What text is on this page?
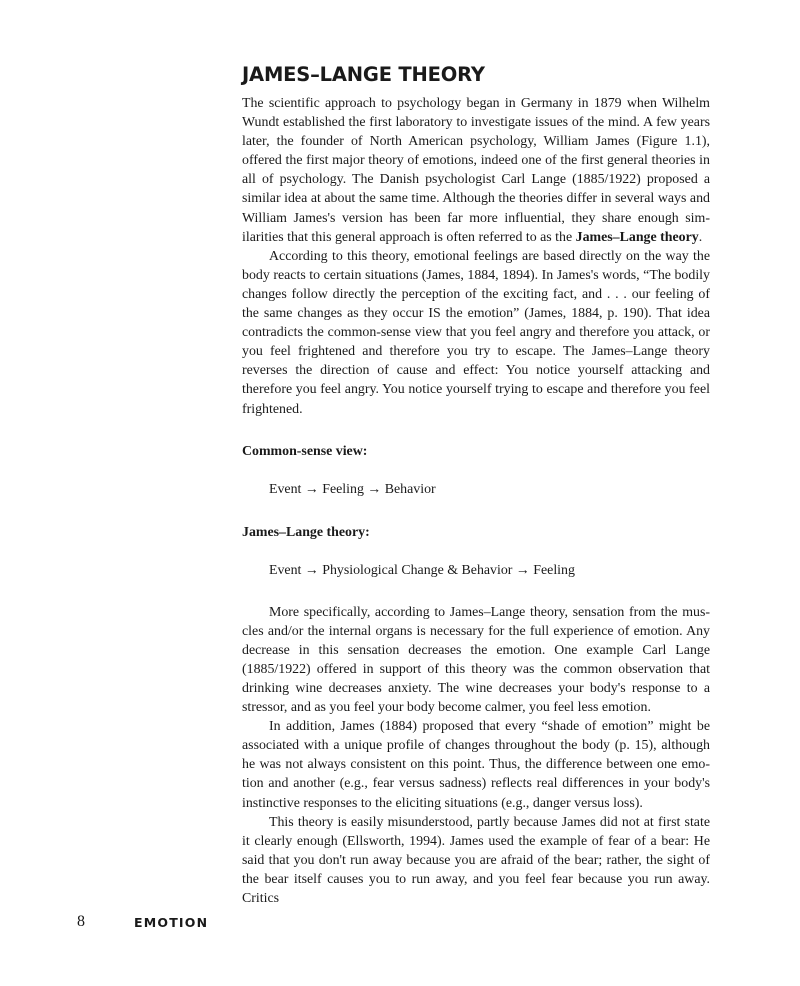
JAMES–LANGE THEORY

The scientific approach to psychology began in Germany in 1879 when Wilhelm Wundt established the first laboratory to investigate issues of the mind. A few years later, the founder of North American psychology, William James (Figure 1.1), offered the first major theory of emotions, indeed one of the first general theories in all of psychology. The Danish psychologist Carl Lange (1885/1922) proposed a similar idea at about the same time. Although the theories differ in several ways and William James's version has been far more influential, they share enough similarities that this general approach is often referred to as the James–Lange theory.

According to this theory, emotional feelings are based directly on the way the body reacts to certain situations (James, 1884, 1894). In James's words, “The bodily changes follow directly the perception of the exciting fact, and . . . our feeling of the same changes as they occur IS the emotion” (James, 1884, p. 190). That idea contradicts the common-sense view that you feel angry and therefore you attack, or you feel frightened and therefore you try to escape. The James–Lange theory reverses the direction of cause and effect: You notice yourself attacking and therefore you feel angry. You notice yourself trying to escape and therefore you feel frightened.

Common-sense view:

Event → Feeling → Behavior

James–Lange theory:

Event → Physiological Change & Behavior → Feeling

More specifically, according to James–Lange theory, sensation from the muscles and/or the internal organs is necessary for the full experience of emotion. Any decrease in this sensation decreases the emotion. One example Carl Lange (1885/1922) offered in support of this theory was the common observation that drinking wine decreases anxiety. The wine decreases your body's response to a stressor, and as you feel your body become calmer, you feel less emotion.

In addition, James (1884) proposed that every “shade of emotion” might be associated with a unique profile of changes throughout the body (p. 15), although he was not always consistent on this point. Thus, the difference between one emotion and another (e.g., fear versus sadness) reflects real differences in your body's instinctive responses to the eliciting situations (e.g., danger versus loss).

This theory is easily misunderstood, partly because James did not at first state it clearly enough (Ellsworth, 1994). James used the example of fear of a bear: He said that you don't run away because you are afraid of the bear; rather, the sight of the bear itself causes you to run away, and you feel fear because you run away. Critics

8	EMOTION
